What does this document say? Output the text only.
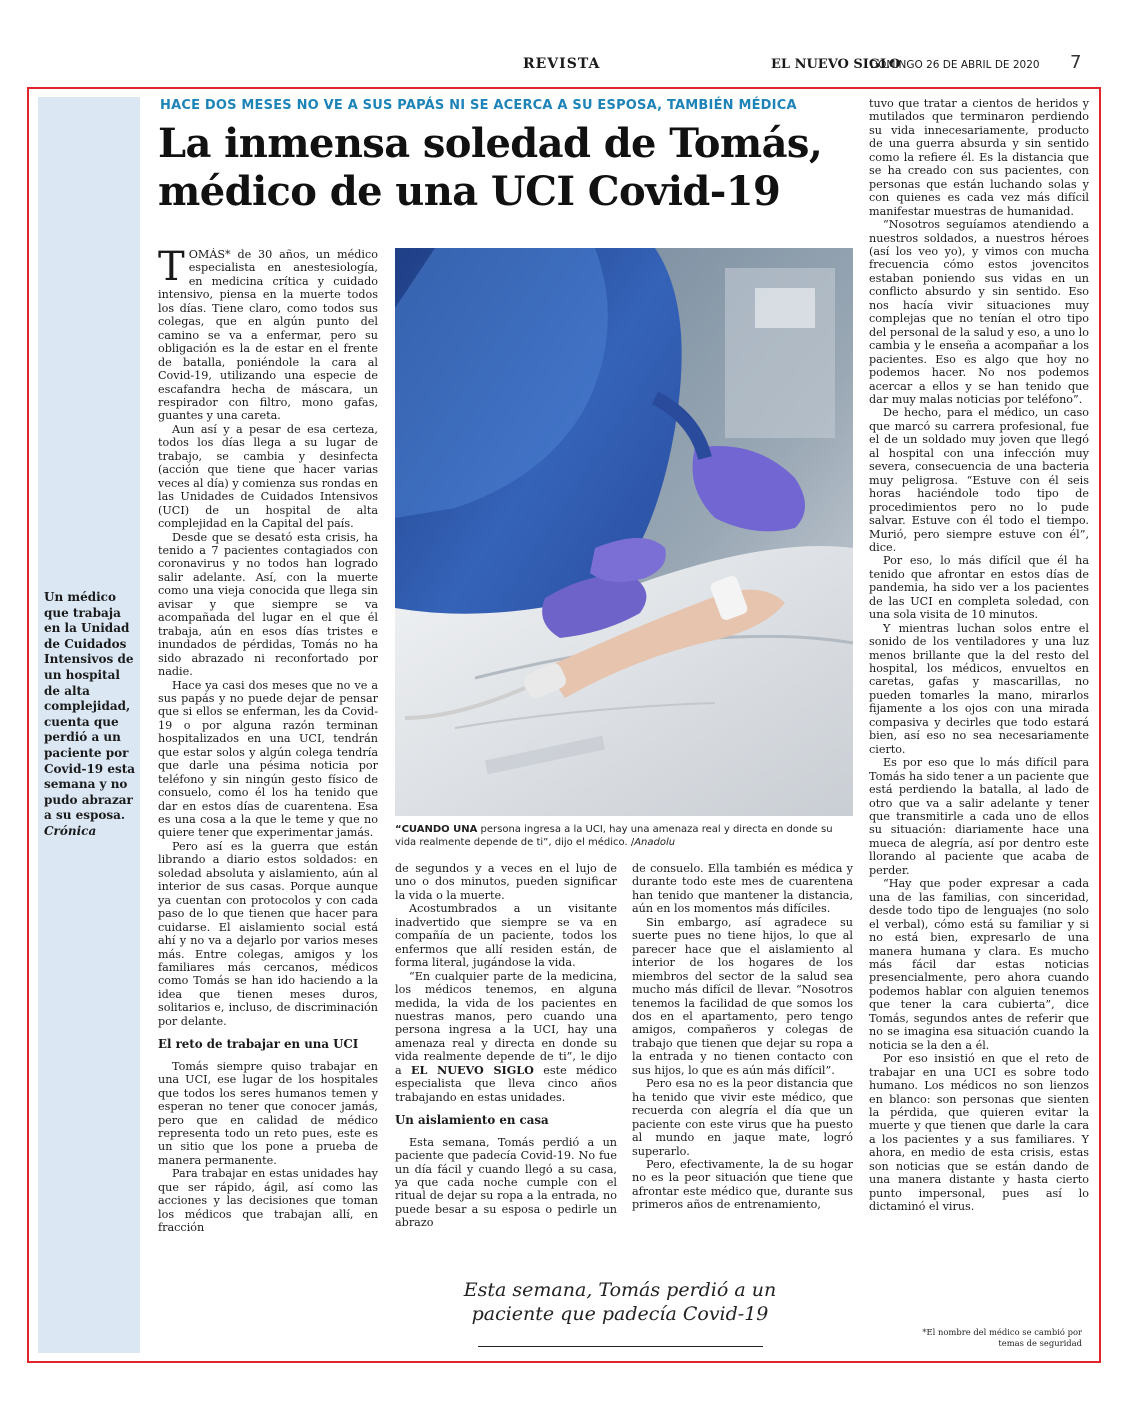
REVISTA	EL NUEVO SIGLO
DOMINGO 26 DE ABRIL DE 2020 7
Un médico que trabaja en la Unidad de Cuidados Intensivos de un hospital de alta complejidad, cuenta que perdió a un paciente por Covid-19 esta semana y no pudo abrazar a su esposa. Crónica
HACE DOS MESES NO VE A SUS PAPÁS NI SE ACERCA A SU ESPOSA, TAMBIÉN MÉDICA
La inmensa soledad de Tomás,
médico de una UCI Covid-19

TOMÁS* de 30 años, un médico especialista en anestesiología, en medicina crítica y cuidado intensivo, piensa en la muerte todos los días. Tiene claro, como todos sus colegas, que en algún punto del camino se va a enfermar, pero su obligación es la de estar en el frente de batalla, poniéndole la cara al Covid-19, utilizando una especie de escafandra hecha de máscara, un respirador con filtro, mono gafas, guantes y una careta.

Aun así y a pesar de esa certeza, todos los días llega a su lugar de trabajo, se cambia y desinfecta (acción que tiene que hacer varias veces al día) y comienza sus rondas en las Unidades de Cuidados Intensivos (UCI) de un hospital de alta complejidad en la Capital del país.

Desde que se desató esta crisis, ha tenido a 7 pacientes contagiados con coronavirus y no todos han logrado salir adelante. Así, con la muerte como una vieja conocida que llega sin avisar y que siempre se va acompañada del lugar en el que él trabaja, aún en esos días tristes e inundados de pérdidas, Tomás no ha sido abrazado ni reconfortado por nadie.

Hace ya casi dos meses que no ve a sus papás y no puede dejar de pensar que si ellos se enferman, les da Covid-19 o por alguna razón terminan hospitalizados en una UCI, tendrán que estar solos y algún colega tendría que darle una pésima noticia por teléfono y sin ningún gesto físico de consuelo, como él los ha tenido que dar en estos días de cuarentena. Esa es una cosa a la que le teme y que no quiere tener que experimentar jamás.

Pero así es la guerra que están librando a diario estos soldados: en soledad absoluta y aislamiento, aún al interior de sus casas. Porque aunque ya cuentan con protocolos y con cada paso de lo que tienen que hacer para cuidarse. El aislamiento social está ahí y no va a dejarlo por varios meses más. Entre colegas, amigos y los familiares más cercanos, médicos como Tomás se han ido haciendo a la idea que tienen meses duros, solitarios e, incluso, de discriminación por delante.

El reto de trabajar en una UCI

Tomás siempre quiso trabajar en una UCI, ese lugar de los hospitales que todos los seres humanos temen y esperan no tener que conocer jamás, pero que en calidad de médico representa todo un reto pues, este es un sitio que los pone a prueba de manera permanente.

Para trabajar en estas unidades hay que ser rápido, ágil, así como las acciones y las decisiones que toman los médicos que trabajan allí, en fracción

“CUANDO UNA persona ingresa a la UCI, hay una amenaza real y directa en donde su vida realmente depende de ti”, dijo el médico. /Anadolu

de segundos y a veces en el lujo de uno o dos minutos, pueden significar la vida o la muerte.

Acostumbrados a un visitante inadvertido que siempre se va en compañía de un paciente, todos los enfermos que allí residen están, de forma literal, jugándose la vida.

“En cualquier parte de la medicina, los médicos tenemos, en alguna medida, la vida de los pacientes en nuestras manos, pero cuando una persona ingresa a la UCI, hay una amenaza real y directa en donde su vida realmente depende de ti”, le dijo a EL NUEVO SIGLO este médico especialista que lleva cinco años trabajando en estas unidades.

Un aislamiento en casa

Esta semana, Tomás perdió a un paciente que padecía Covid-19. No fue un día fácil y cuando llegó a su casa, ya que cada noche cumple con el ritual de dejar su ropa a la entrada, no puede besar a su esposa o pedirle un abrazo

de consuelo. Ella también es médica y durante todo este mes de cuarentena han tenido que mantener la distancia, aún en los momentos más difíciles.

Sin embargo, así agradece su suerte pues no tiene hijos, lo que al parecer hace que el aislamiento al interior de los hogares de los miembros del sector de la salud sea mucho más difícil de llevar. “Nosotros tenemos la facilidad de que somos los dos en el apartamento, pero tengo amigos, compañeros y colegas de trabajo que tienen que dejar su ropa a la entrada y no tienen contacto con sus hijos, lo que es aún más difícil”.

Pero esa no es la peor distancia que ha tenido que vivir este médico, que recuerda con alegría el día que un paciente con este virus que ha puesto al mundo en jaque mate, logró superarlo.

Pero, efectivamente, la de su hogar no es la peor situación que tiene que afrontar este médico que, durante sus primeros años de entrenamiento,

tuvo que tratar a cientos de heridos y mutilados que terminaron perdiendo su vida innecesariamente, producto de una guerra absurda y sin sentido como la refiere él. Es la distancia que se ha creado con sus pacientes, con personas que están luchando solas y con quienes es cada vez más difícil manifestar muestras de humanidad.

“Nosotros seguíamos atendiendo a nuestros soldados, a nuestros héroes (así los veo yo), y vimos con mucha frecuencia cómo estos jovencitos estaban poniendo sus vidas en un conflicto absurdo y sin sentido. Eso nos hacía vivir situaciones muy complejas que no tenían el otro tipo del personal de la salud y eso, a uno lo cambia y le enseña a acompañar a los pacientes. Eso es algo que hoy no podemos hacer. No nos podemos acercar a ellos y se han tenido que dar muy malas noticias por teléfono”.

De hecho, para el médico, un caso que marcó su carrera profesional, fue el de un soldado muy joven que llegó al hospital con una infección muy severa, consecuencia de una bacteria muy peligrosa. “Estuve con él seis horas haciéndole todo tipo de procedimientos pero no lo pude salvar. Estuve con él todo el tiempo. Murió, pero siempre estuve con él”, dice.

Por eso, lo más difícil que él ha tenido que afrontar en estos días de pandemia, ha sido ver a los pacientes de las UCI en completa soledad, con una sola visita de 10 minutos.

Y mientras luchan solos entre el sonido de los ventiladores y una luz menos brillante que la del resto del hospital, los médicos, envueltos en caretas, gafas y mascarillas, no pueden tomarles la mano, mirarlos fijamente a los ojos con una mirada compasiva y decirles que todo estará bien, así eso no sea necesariamente cierto.

Es por eso que lo más difícil para Tomás ha sido tener a un paciente que está perdiendo la batalla, al lado de otro que va a salir adelante y tener que transmitirle a cada uno de ellos su situación: diariamente hace una mueca de alegría, así por dentro este llorando al paciente que acaba de perder.

“Hay que poder expresar a cada una de las familias, con sinceridad, desde todo tipo de lenguajes (no solo el verbal), cómo está su familiar y si no está bien, expresarlo de una manera humana y clara. Es mucho más fácil dar estas noticias presencialmente, pero ahora cuando podemos hablar con alguien tenemos que tener la cara cubierta”, dice Tomás, segundos antes de referir que no se imagina esa situación cuando la noticia se la den a él.

Por eso insistió en que el reto de trabajar en una UCI es sobre todo humano. Los médicos no son lienzos en blanco: son personas que sienten la pérdida, que quieren evitar la muerte y que tienen que darle la cara a los pacientes y a sus familiares. Y ahora, en medio de esta crisis, estas son noticias que se están dando de una manera distante y hasta cierto punto impersonal, pues así lo dictaminó el virus.

Esta semana, Tomás perdió a un paciente que padecía Covid-19
*El nombre del médico se cambió por temas de seguridad
